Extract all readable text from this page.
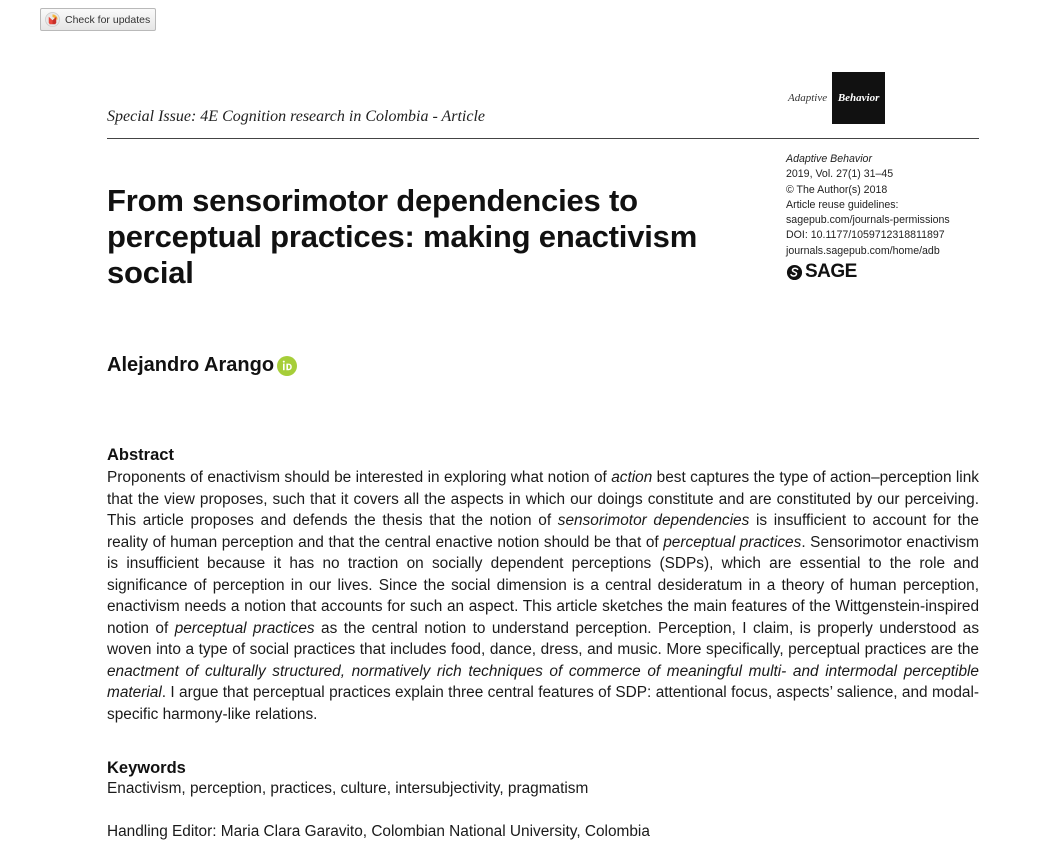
Check for updates
Special Issue: 4E Cognition research in Colombia - Article
Adaptive Behavior
Adaptive Behavior
2019, Vol. 27(1) 31–45
© The Author(s) 2018
Article reuse guidelines:
sagepub.com/journals-permissions
DOI: 10.1177/1059712318811897
journals.sagepub.com/home/adb
SAGE
From sensorimotor dependencies to perceptual practices: making enactivism social
Alejandro Arango
Abstract

Proponents of enactivism should be interested in exploring what notion of action best captures the type of action–perception link that the view proposes, such that it covers all the aspects in which our doings constitute and are constituted by our perceiving. This article proposes and defends the thesis that the notion of sensorimotor dependencies is insufficient to account for the reality of human perception and that the central enactive notion should be that of perceptual practices. Sensorimotor enactivism is insufficient because it has no traction on socially dependent perceptions (SDPs), which are essential to the role and significance of perception in our lives. Since the social dimension is a central desideratum in a theory of human perception, enactivism needs a notion that accounts for such an aspect. This article sketches the main features of the Wittgenstein-inspired notion of perceptual practices as the central notion to understand perception. Perception, I claim, is properly understood as woven into a type of social practices that includes food, dance, dress, and music. More specifically, perceptual practices are the enactment of culturally structured, normatively rich techniques of commerce of meaningful multi- and intermodal perceptible material. I argue that perceptual practices explain three central features of SDP: attentional focus, aspects’ salience, and modal-specific harmony-like relations.

Keywords
Enactivism, perception, practices, culture, intersubjectivity, pragmatism
Handling Editor: Maria Clara Garavito, Colombian National University, Colombia
